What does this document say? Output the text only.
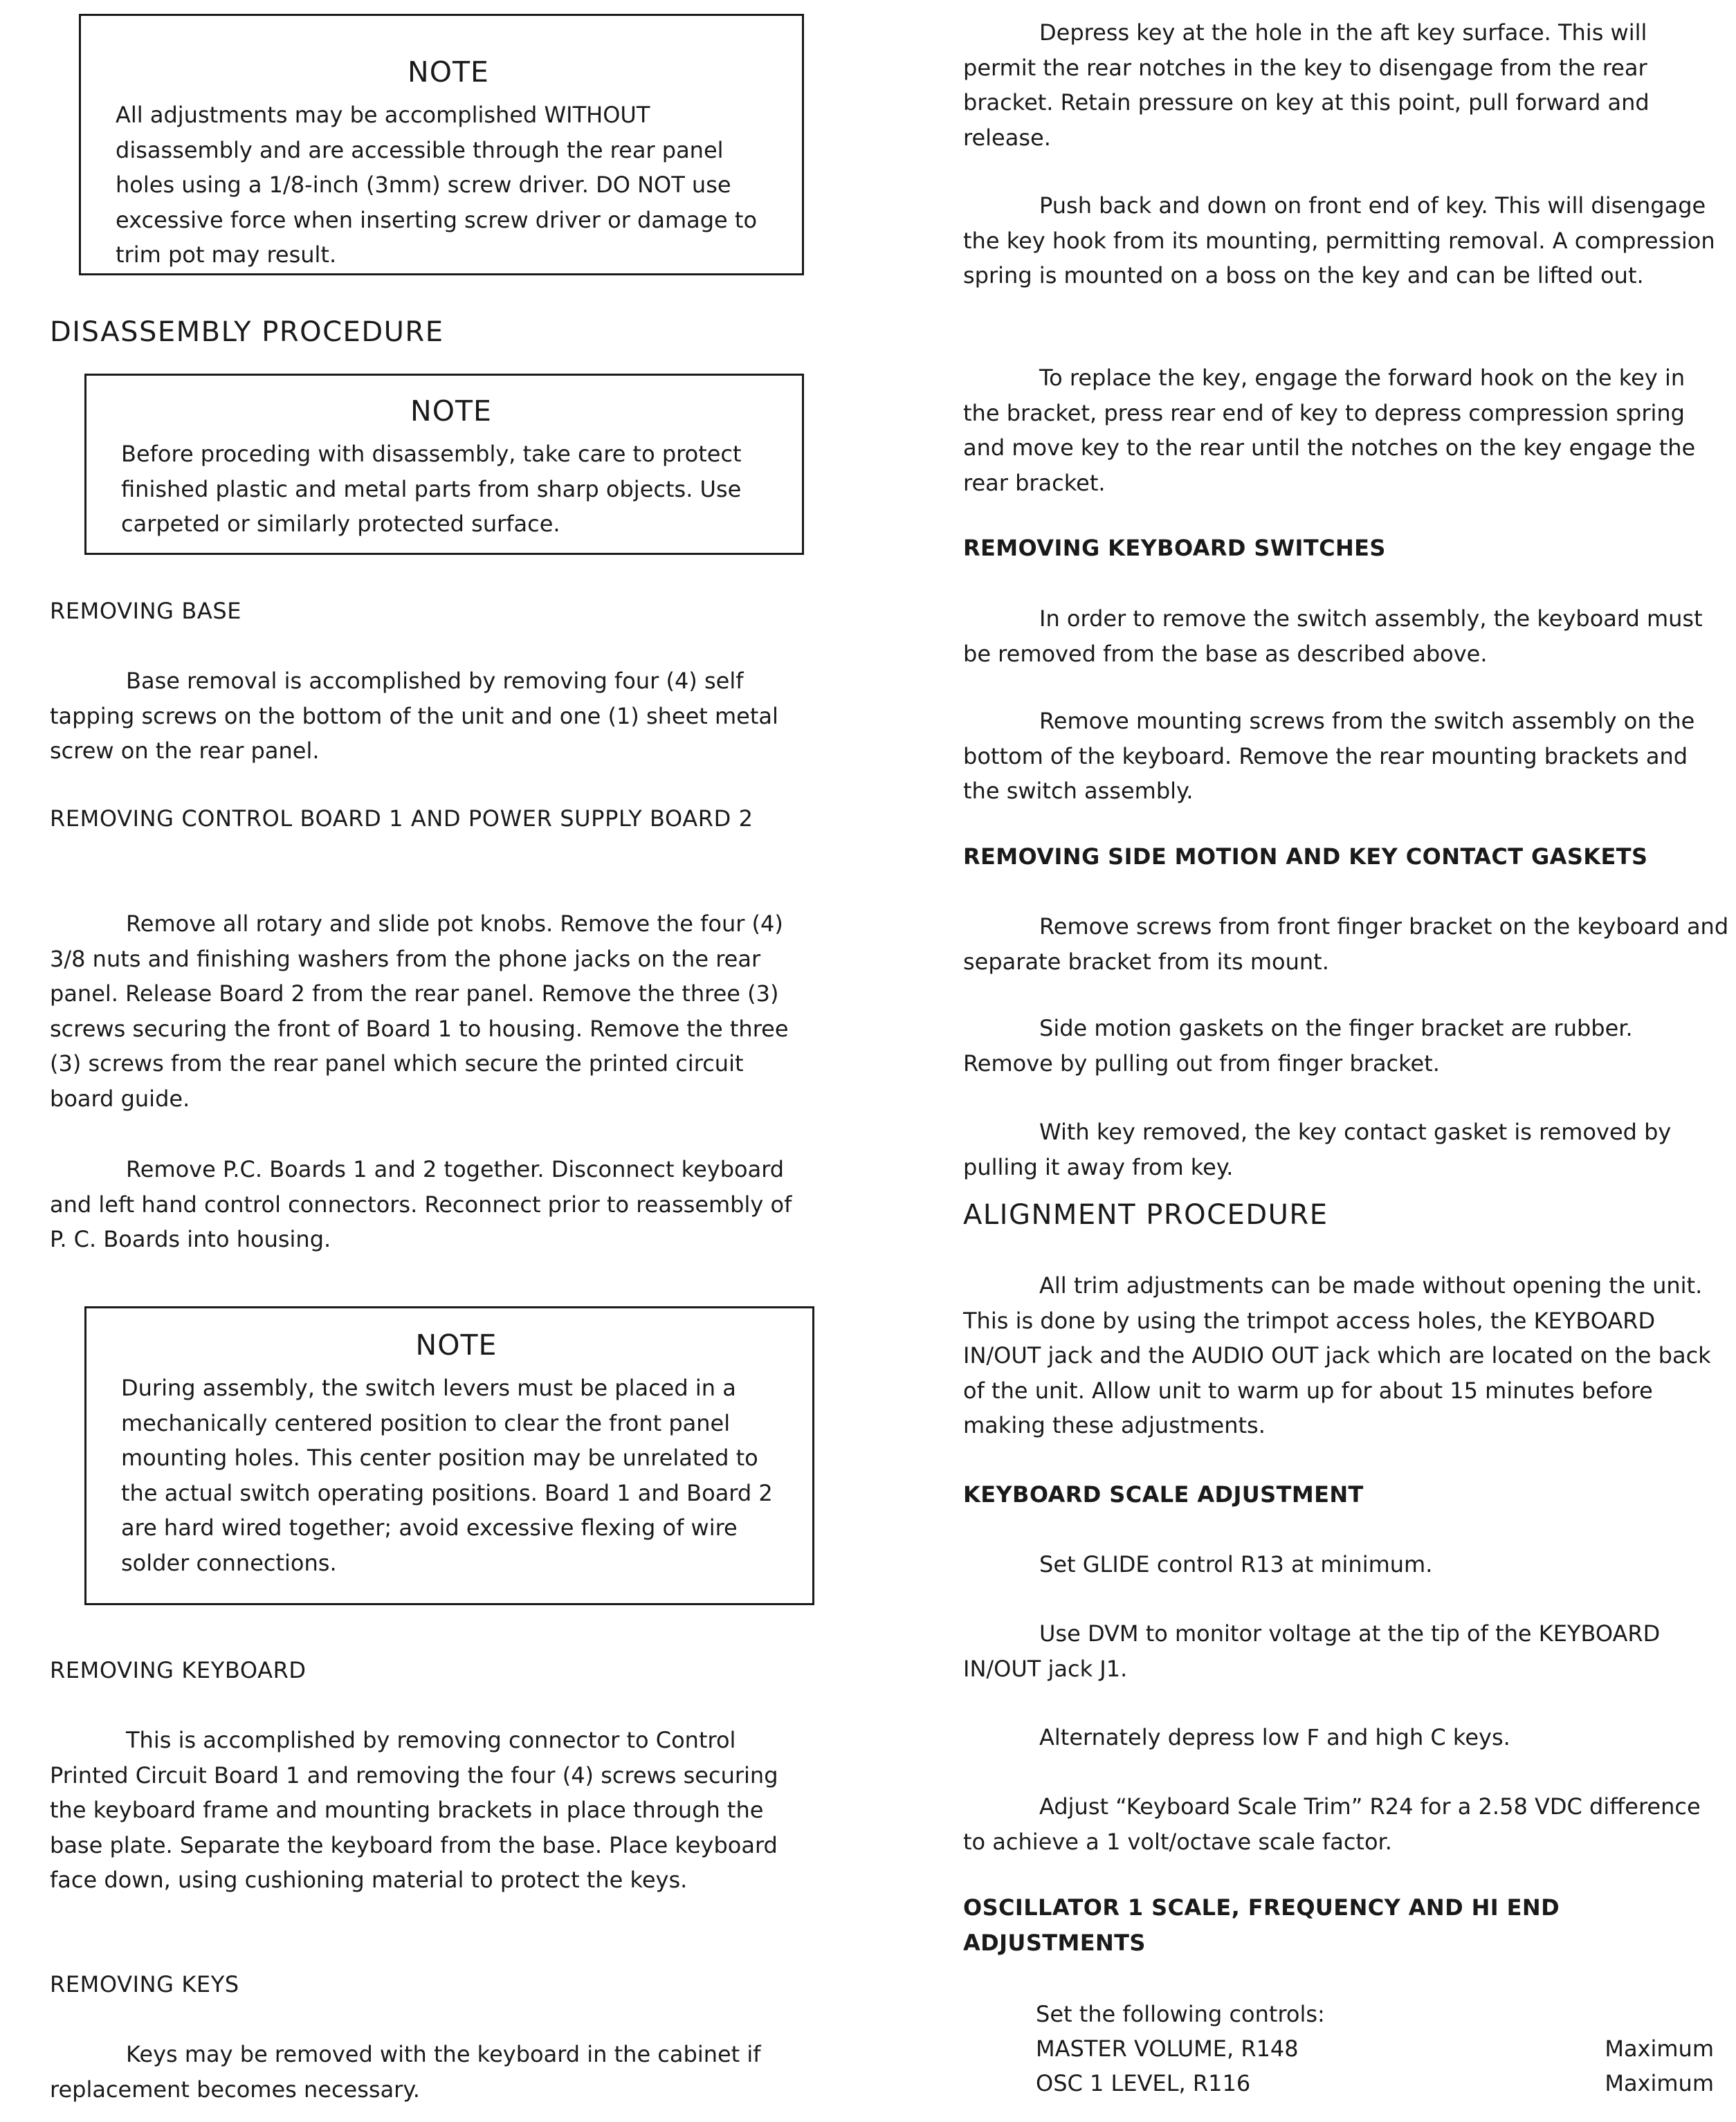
NOTE
All adjustments may be accomplished WITHOUT disassembly and are accessible through the rear panel holes using a 1/8-inch (3mm) screw driver. DO NOT use excessive force when inserting screw driver or damage to trim pot may result.
DISASSEMBLY PROCEDURE
NOTE
Before proceding with disassembly, take care to protect finished plastic and metal parts from sharp objects. Use carpeted or similarly protected surface.
REMOVING BASE
Base removal is accomplished by removing four (4) self tapping screws on the bottom of the unit and one (1) sheet metal screw on the rear panel.
REMOVING CONTROL BOARD 1 AND POWER SUPPLY BOARD 2
Remove all rotary and slide pot knobs. Remove the four (4) 3/8 nuts and finishing washers from the phone jacks on the rear panel. Release Board 2 from the rear panel. Remove the three (3) screws securing the front of Board 1 to housing. Remove the three (3) screws from the rear panel which secure the printed circuit board guide.
Remove P.C. Boards 1 and 2 together. Disconnect keyboard and left hand control connectors. Reconnect prior to reassembly of P. C. Boards into housing.
NOTE
During assembly, the switch levers must be placed in a mechanically centered position to clear the front panel mounting holes. This center position may be unrelated to the actual switch operating positions. Board 1 and Board 2 are hard wired together; avoid excessive flexing of wire solder connections.
REMOVING KEYBOARD
This is accomplished by removing connector to Control Printed Circuit Board 1 and removing the four (4) screws securing the keyboard frame and mounting brackets in place through the base plate. Separate the keyboard from the base. Place keyboard face down, using cushioning material to protect the keys.
REMOVING KEYS
Keys may be removed with the keyboard in the cabinet if replacement becomes necessary.
Depress key at the hole in the aft key surface. This will permit the rear notches in the key to disengage from the rear bracket. Retain pressure on key at this point, pull forward and release.
Push back and down on front end of key. This will disengage the key hook from its mounting, permitting removal. A compression spring is mounted on a boss on the key and can be lifted out.
To replace the key, engage the forward hook on the key in the bracket, press rear end of key to depress compression spring and move key to the rear until the notches on the key engage the rear bracket.
REMOVING KEYBOARD SWITCHES
In order to remove the switch assembly, the keyboard must be removed from the base as described above.
Remove mounting screws from the switch assembly on the bottom of the keyboard. Remove the rear mounting brackets and the switch assembly.
REMOVING SIDE MOTION AND KEY CONTACT GASKETS
Remove screws from front finger bracket on the keyboard and separate bracket from its mount.
Side motion gaskets on the finger bracket are rubber. Remove by pulling out from finger bracket.
With key removed, the key contact gasket is removed by pulling it away from key.
ALIGNMENT PROCEDURE
All trim adjustments can be made without opening the unit. This is done by using the trimpot access holes, the KEYBOARD IN/OUT jack and the AUDIO OUT jack which are located on the back of the unit. Allow unit to warm up for about 15 minutes before making these adjustments.
KEYBOARD SCALE ADJUSTMENT
Set GLIDE control R13 at minimum.
Use DVM to monitor voltage at the tip of the KEYBOARD IN/OUT jack J1.
Alternately depress low F and high C keys.
Adjust “Keyboard Scale Trim” R24 for a 2.58 VDC difference to achieve a 1 volt/octave scale factor.
OSCILLATOR 1 SCALE, FREQUENCY AND HI END ADJUSTMENTS
Set the following controls:
MASTER VOLUME, R148	Maximum
OSC 1 LEVEL, R116	Maximum
